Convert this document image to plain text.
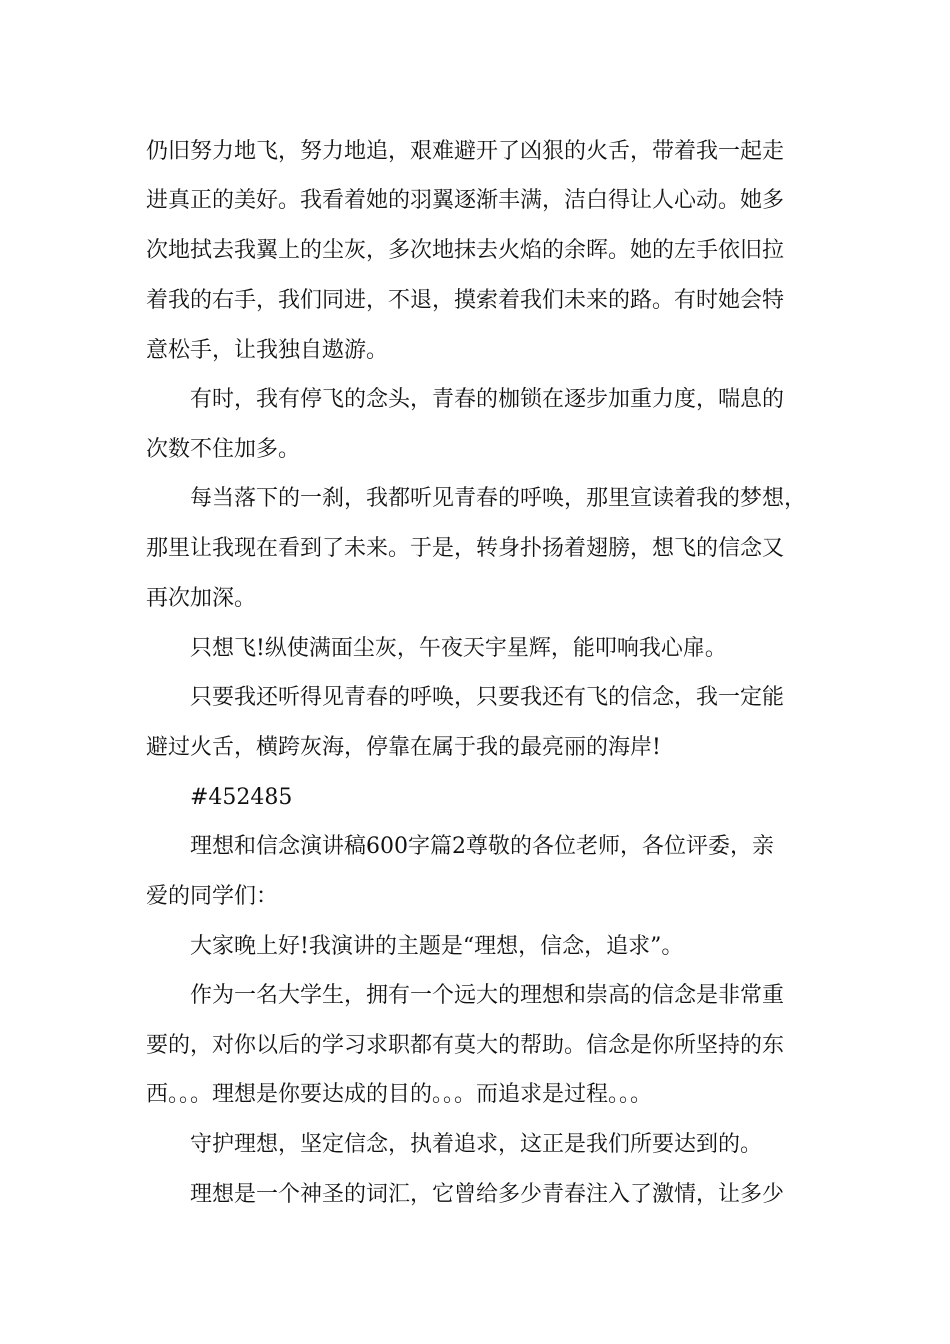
仍旧努力地飞，努力地追，艰难避开了凶狠的火舌，带着我一起走
进真正的美好。我看着她的羽翼逐渐丰满，洁白得让人心动。她多
次地拭去我翼上的尘灰，多次地抹去火焰的余晖。她的左手依旧拉
着我的右手，我们同进，不退，摸索着我们未来的路。有时她会特
意松手，让我独自遨游。
有时，我有停飞的念头，青春的枷锁在逐步加重力度，喘息的
次数不住加多。
每当落下的一刹，我都听见青春的呼唤，那里宣读着我的梦想，
那里让我现在看到了未来。于是，转身扑扬着翅膀，想飞的信念又
再次加深。
只想飞!纵使满面尘灰，午夜天宇星辉，能叩响我心扉。
只要我还听得见青春的呼唤，只要我还有飞的信念，我一定能
避过火舌，横跨灰海，停靠在属于我的最亮丽的海岸!
#452485
理想和信念演讲稿600字篇2尊敬的各位老师，各位评委，亲
爱的同学们：
大家晚上好!我演讲的主题是“理想，信念，追求”。
作为一名大学生，拥有一个远大的理想和崇高的信念是非常重
要的，对你以后的学习求职都有莫大的帮助。信念是你所坚持的东
西。。。理想是你要达成的目的。。。而追求是过程。。。
守护理想，坚定信念，执着追求，这正是我们所要达到的。
理想是一个神圣的词汇，它曾给多少青春注入了激情，让多少
